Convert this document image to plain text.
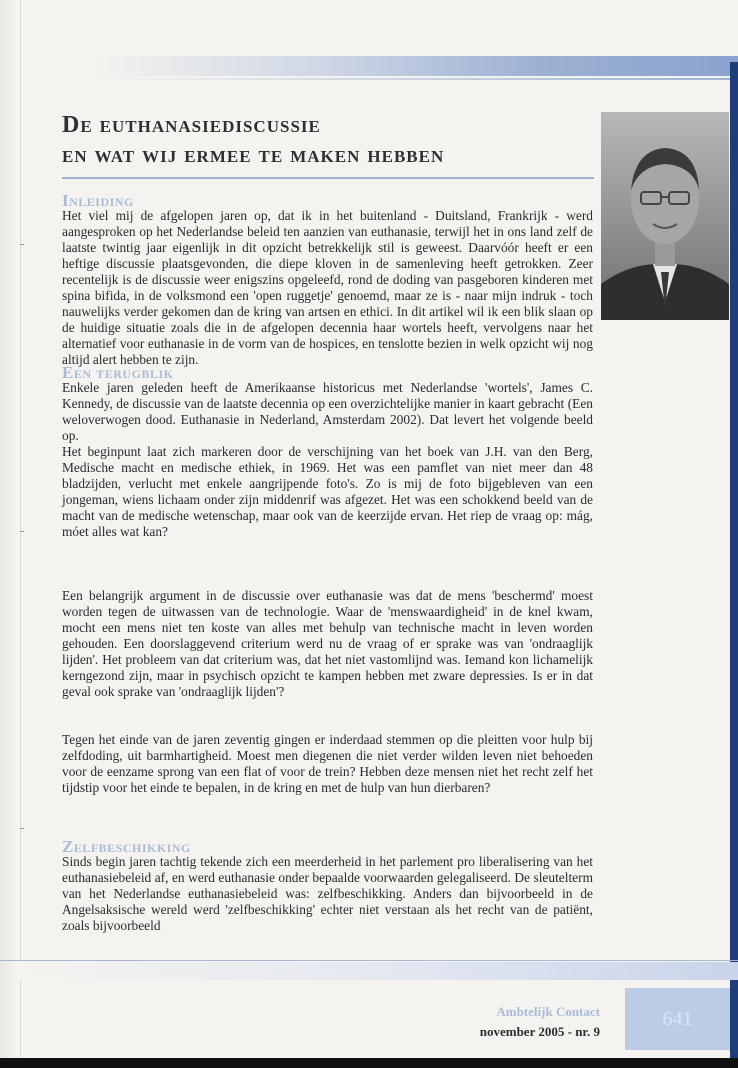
De euthanasiediscussie
en wat wij ermee te maken hebben
Inleiding

Het viel mij de afgelopen jaren op, dat ik in het buitenland - Duitsland, Frankrijk - werd aangesproken op het Nederlandse beleid ten aanzien van euthanasie, terwijl het in ons land zelf de laatste twintig jaar eigenlijk in dit opzicht betrekkelijk stil is geweest. Daarvóór heeft er een heftige discussie plaatsgevonden, die diepe kloven in de samenleving heeft getrokken. Zeer recentelijk is de discussie weer enigszins opgeleefd, rond de doding van pasgeboren kinderen met spina bifida, in de volksmond een 'open ruggetje' genoemd, maar ze is - naar mijn indruk - toch nauwelijks verder gekomen dan de kring van artsen en ethici. In dit artikel wil ik een blik slaan op de huidige situatie zoals die in de afgelopen decennia haar wortels heeft, vervolgens naar het alternatief voor euthanasie in de vorm van de hospices, en tenslotte bezien in welk opzicht wij nog altijd alert hebben te zijn.

Een terugblik

Enkele jaren geleden heeft de Amerikaanse historicus met Nederlandse 'wortels', James C. Kennedy, de discussie van de laatste decennia op een overzichtelijke manier in kaart gebracht (Een weloverwogen dood. Euthanasie in Nederland, Amsterdam 2002). Dat levert het volgende beeld op.

Het beginpunt laat zich markeren door de verschijning van het boek van J.H. van den Berg, Medische macht en medische ethiek, in 1969. Het was een pamflet van niet meer dan 48 bladzijden, verlucht met enkele aangrijpende foto's. Zo is mij de foto bijgebleven van een jongeman, wiens lichaam onder zijn middenrif was afgezet. Het was een schokkend beeld van de macht van de medische wetenschap, maar ook van de keerzijde ervan. Het riep de vraag op: mág, móet alles wat kan?

Een belangrijk argument in de discussie over euthanasie was dat de mens 'beschermd' moest worden tegen de uitwassen van de technologie. Waar de 'menswaardigheid' in de knel kwam, mocht een mens niet ten koste van alles met behulp van technische macht in leven worden gehouden. Een doorslaggevend criterium werd nu de vraag of er sprake was van 'ondraaglijk lijden'. Het probleem van dat criterium was, dat het niet vastomlijnd was. Iemand kon lichamelijk kerngezond zijn, maar in psychisch opzicht te kampen hebben met zware depressies. Is er in dat geval ook sprake van 'ondraaglijk lijden'?

Tegen het einde van de jaren zeventig gingen er inderdaad stemmen op die pleitten voor hulp bij zelfdoding, uit barmhartigheid. Moest men diegenen die niet verder wilden leven niet behoeden voor de eenzame sprong van een flat of voor de trein? Hebben deze mensen niet het recht zelf het tijdstip voor het einde te bepalen, in de kring en met de hulp van hun dierbaren?

Zelfbeschikking

Sinds begin jaren tachtig tekende zich een meerderheid in het parlement pro liberalisering van het euthanasiebeleid af, en werd euthanasie onder bepaalde voorwaarden gelegaliseerd. De sleutelterm van het Nederlandse euthanasiebeleid was: zelfbeschikking. Anders dan bijvoorbeeld in de Angelsaksische wereld werd 'zelfbeschikking' echter niet verstaan als het recht van de patiënt, zoals bijvoorbeeld

Ambtelijk Contact
november 2005 - nr. 9
641
